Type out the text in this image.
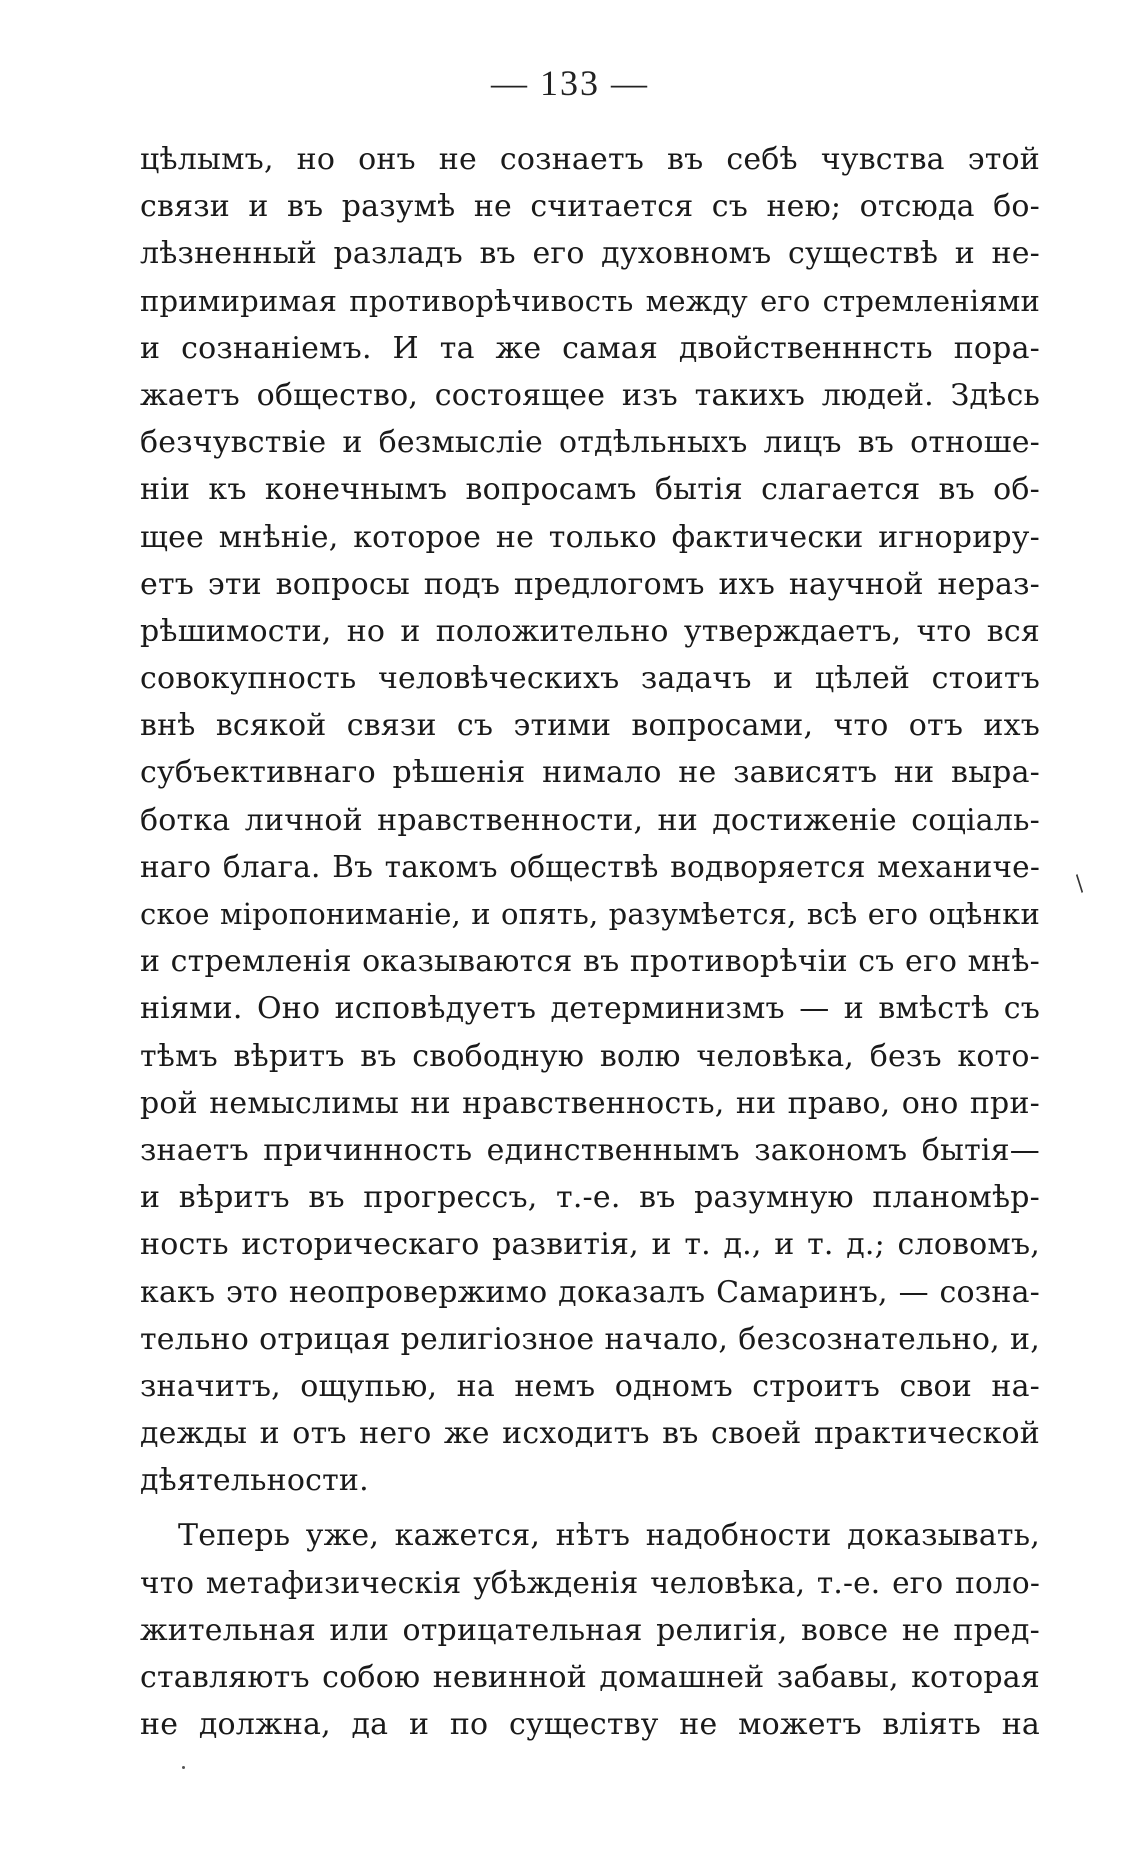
— 133 —
цѣлымъ, но онъ не сознаетъ въ себѣ чувства этой
связи и въ разумѣ не считается съ нею; отсюда бо-
лѣзненный разладъ въ его духовномъ существѣ и не-
примиримая противорѣчивость между его стремленіями
и сознаніемъ. И та же самая двойственннсть пора-
жаетъ общество, состоящее изъ такихъ людей. Здѣсь
безчувствіе и безмысліе отдѣльныхъ лицъ въ отноше-
ніи къ конечнымъ вопросамъ бытія слагается въ об-
щее мнѣніе, которое не только фактически игнориру-
етъ эти вопросы подъ предлогомъ ихъ научной нераз-
рѣшимости, но и положительно утверждаетъ, что вся
совокупность человѣческихъ задачъ и цѣлей стоитъ
внѣ всякой связи съ этими вопросами, что отъ ихъ
субъективнаго рѣшенія нимало не зависятъ ни выра-
ботка личной нравственности, ни достиженіе соціаль-
наго блага. Въ такомъ обществѣ водворяется механиче-
ское міропониманіе, и опять, разумѣется, всѣ его оцѣнки
и стремленія оказываются въ противорѣчіи съ его мнѣ-
ніями. Оно исповѣдуетъ детерминизмъ — и вмѣстѣ съ
тѣмъ вѣритъ въ свободную волю человѣка, безъ кото-
рой немыслимы ни нравственность, ни право, оно при-
знаетъ причинность единственнымъ закономъ бытія—
и вѣритъ въ прогрессъ, т.-е. въ разумную планомѣр-
ность историческаго развитія, и т. д., и т. д.; словомъ,
какъ это неопровержимо доказалъ Самаринъ, — созна-
тельно отрицая религіозное начало, безсознательно, и,
значитъ, ощупью, на немъ одномъ строитъ свои на-
дежды и отъ него же исходитъ въ своей практической
дѣятельности.
Теперь уже, кажется, нѣтъ надобности доказывать,
что метафизическія убѣжденія человѣка, т.-е. его поло-
жительная или отрицательная религія, вовсе не пред-
ставляютъ собою невинной домашней забавы, которая
не должна, да и по существу не можетъ влiять на
/
